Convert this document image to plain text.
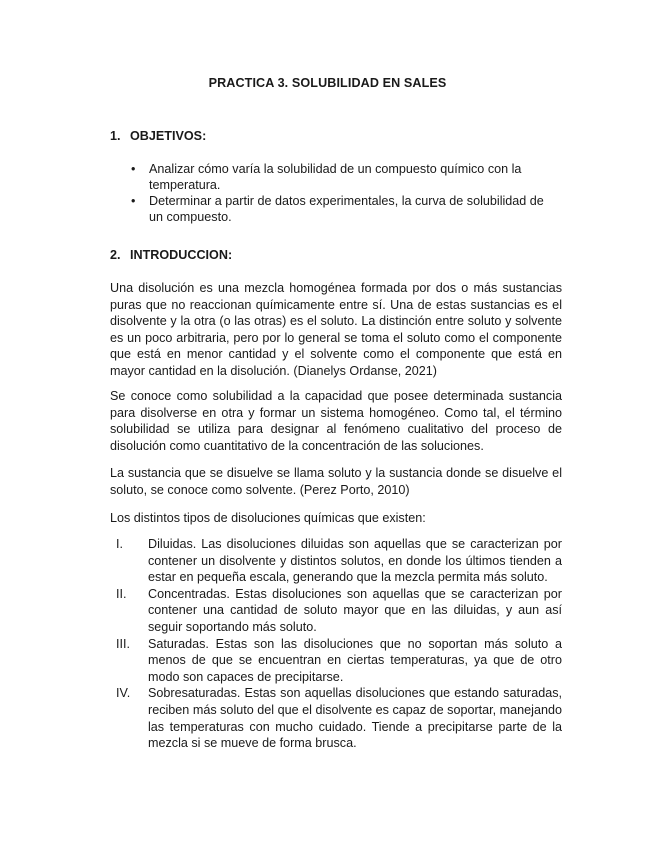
PRACTICA 3. SOLUBILIDAD EN SALES
1. OBJETIVOS:
• Analizar cómo varía la solubilidad de un compuesto químico con la temperatura.
• Determinar a partir de datos experimentales, la curva de solubilidad de un compuesto.
2. INTRODUCCION:

Una disolución es una mezcla homogénea formada por dos o más sustancias puras que no reaccionan químicamente entre sí. Una de estas sustancias es el disolvente y la otra (o las otras) es el soluto. La distinción entre soluto y solvente es un poco arbitraria, pero por lo general se toma el soluto como el componente que está en menor cantidad y el solvente como el componente que está en mayor cantidad en la disolución. (Dianelys Ordanse, 2021)

Se conoce como solubilidad a la capacidad que posee determinada sustancia para disolverse en otra y formar un sistema homogéneo. Como tal, el término solubilidad se utiliza para designar al fenómeno cualitativo del proceso de disolución como cuantitativo de la concentración de las soluciones.

La sustancia que se disuelve se llama soluto y la sustancia donde se disuelve el soluto, se conoce como solvente. (Perez Porto, 2010)

Los distintos tipos de disoluciones químicas que existen:

I.	Diluidas. Las disoluciones diluidas son aquellas que se caracterizan por contener un disolvente y distintos solutos, en donde los últimos tienden a estar en pequeña escala, generando que la mezcla permita más soluto.
II.	Concentradas. Estas disoluciones son aquellas que se caracterizan por contener una cantidad de soluto mayor que en las diluidas, y aun así seguir soportando más soluto.
III.	Saturadas. Estas son las disoluciones que no soportan más soluto a menos de que se encuentran en ciertas temperaturas, ya que de otro modo son capaces de precipitarse.
IV.	Sobresaturadas. Estas son aquellas disoluciones que estando saturadas, reciben más soluto del que el disolvente es capaz de soportar, manejando las temperaturas con mucho cuidado. Tiende a precipitarse parte de la mezcla si se mueve de forma brusca.
